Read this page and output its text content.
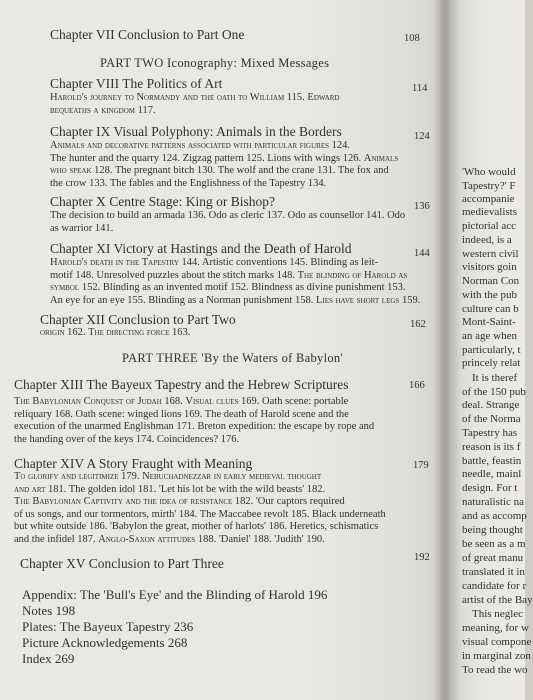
Chapter VII Conclusion to Part One	108
PART TWO Iconography: Mixed Messages
Chapter VIII The Politics of Art	114
Harold's journey to Normandy and the oath to William 115. Edward
bequeaths a kingdom 117.
Chapter IX Visual Polyphony: Animals in the Borders	124
Animals and decorative patterns associated with particular figures 124.
The hunter and the quarry 124. Zigzag pattern 125. Lions with wings 126. Animals
who speak 128. The pregnant bitch 130. The wolf and the crane 131. The fox and
the crow 133. The fables and the Englishness of the Tapestry 134.
Chapter X Centre Stage: King or Bishop?	136
The decision to build an armada 136. Odo as cleric 137. Odo as counsellor 141. Odo
as warrior 141.
Chapter XI Victory at Hastings and the Death of Harold	144
Harold's death in the Tapestry 144. Artistic conventions 145. Blinding as leit-
motif 148. Unresolved puzzles about the stitch marks 148. The blinding of Harold as
symbol 152. Blinding as an invented motif 152. Blindness as divine punishment 153.
An eye for an eye 155. Blinding as a Norman punishment 158. Lies have short legs 159.
Chapter XII Conclusion to Part Two	162
origin 162. The directing force 163.
PART THREE 'By the Waters of Babylon'
Chapter XIII The Bayeux Tapestry and the Hebrew Scriptures	166
The Babylonian Conquest of Judah 168. Visual clues 169. Oath scene: portable
reliquary 168. Oath scene: winged lions 169. The death of Harold scene and the
execution of the unarmed Englishman 171. Breton expedition: the escape by rope and
the handing over of the keys 174. Coincidences? 176.
Chapter XIV A Story Fraught with Meaning	179
To glorify and legitimize 179. Nebuchadnezzar in early medieval thought
and art 181. The golden idol 181. 'Let his lot be with the wild beasts' 182.
The Babylonian Captivity and the idea of resistance 182. 'Our captors required
of us songs, and our tormentors, mirth' 184. The Maccabee revolt 185. Black underneath
but white outside 186. 'Babylon the great, mother of harlots' 186. Heretics, schismatics
and the infidel 187. Anglo-Saxon attitudes 188. 'Daniel' 188. 'Judith' 190.
Chapter XV Conclusion to Part Three	192
Appendix: The 'Bull's Eye' and the Blinding of Harold 196
Notes 198
Plates: The Bayeux Tapestry 236
Picture Acknowledgements 268
Index 269
'Who would
Tapestry?' F
accompanie
medievalists
pictorial acc
indeed, is a
western civil
visitors goin
Norman Con
with the pub
culture can b
Mont-Saint-
an age when
particularly, t
princely relat
It is theref
of the 150 pub
deal. Strange
of the Norma
Tapestry has
reason is its f
battle, feastin
needle, mainl
design. For t
naturalistic na
and as accomp
being thought
be seen as a m
of great manu
translated it in
candidate for r
artist of the Bay
This neglec
meaning, for w
visual compone
in marginal zon
To read the wo
